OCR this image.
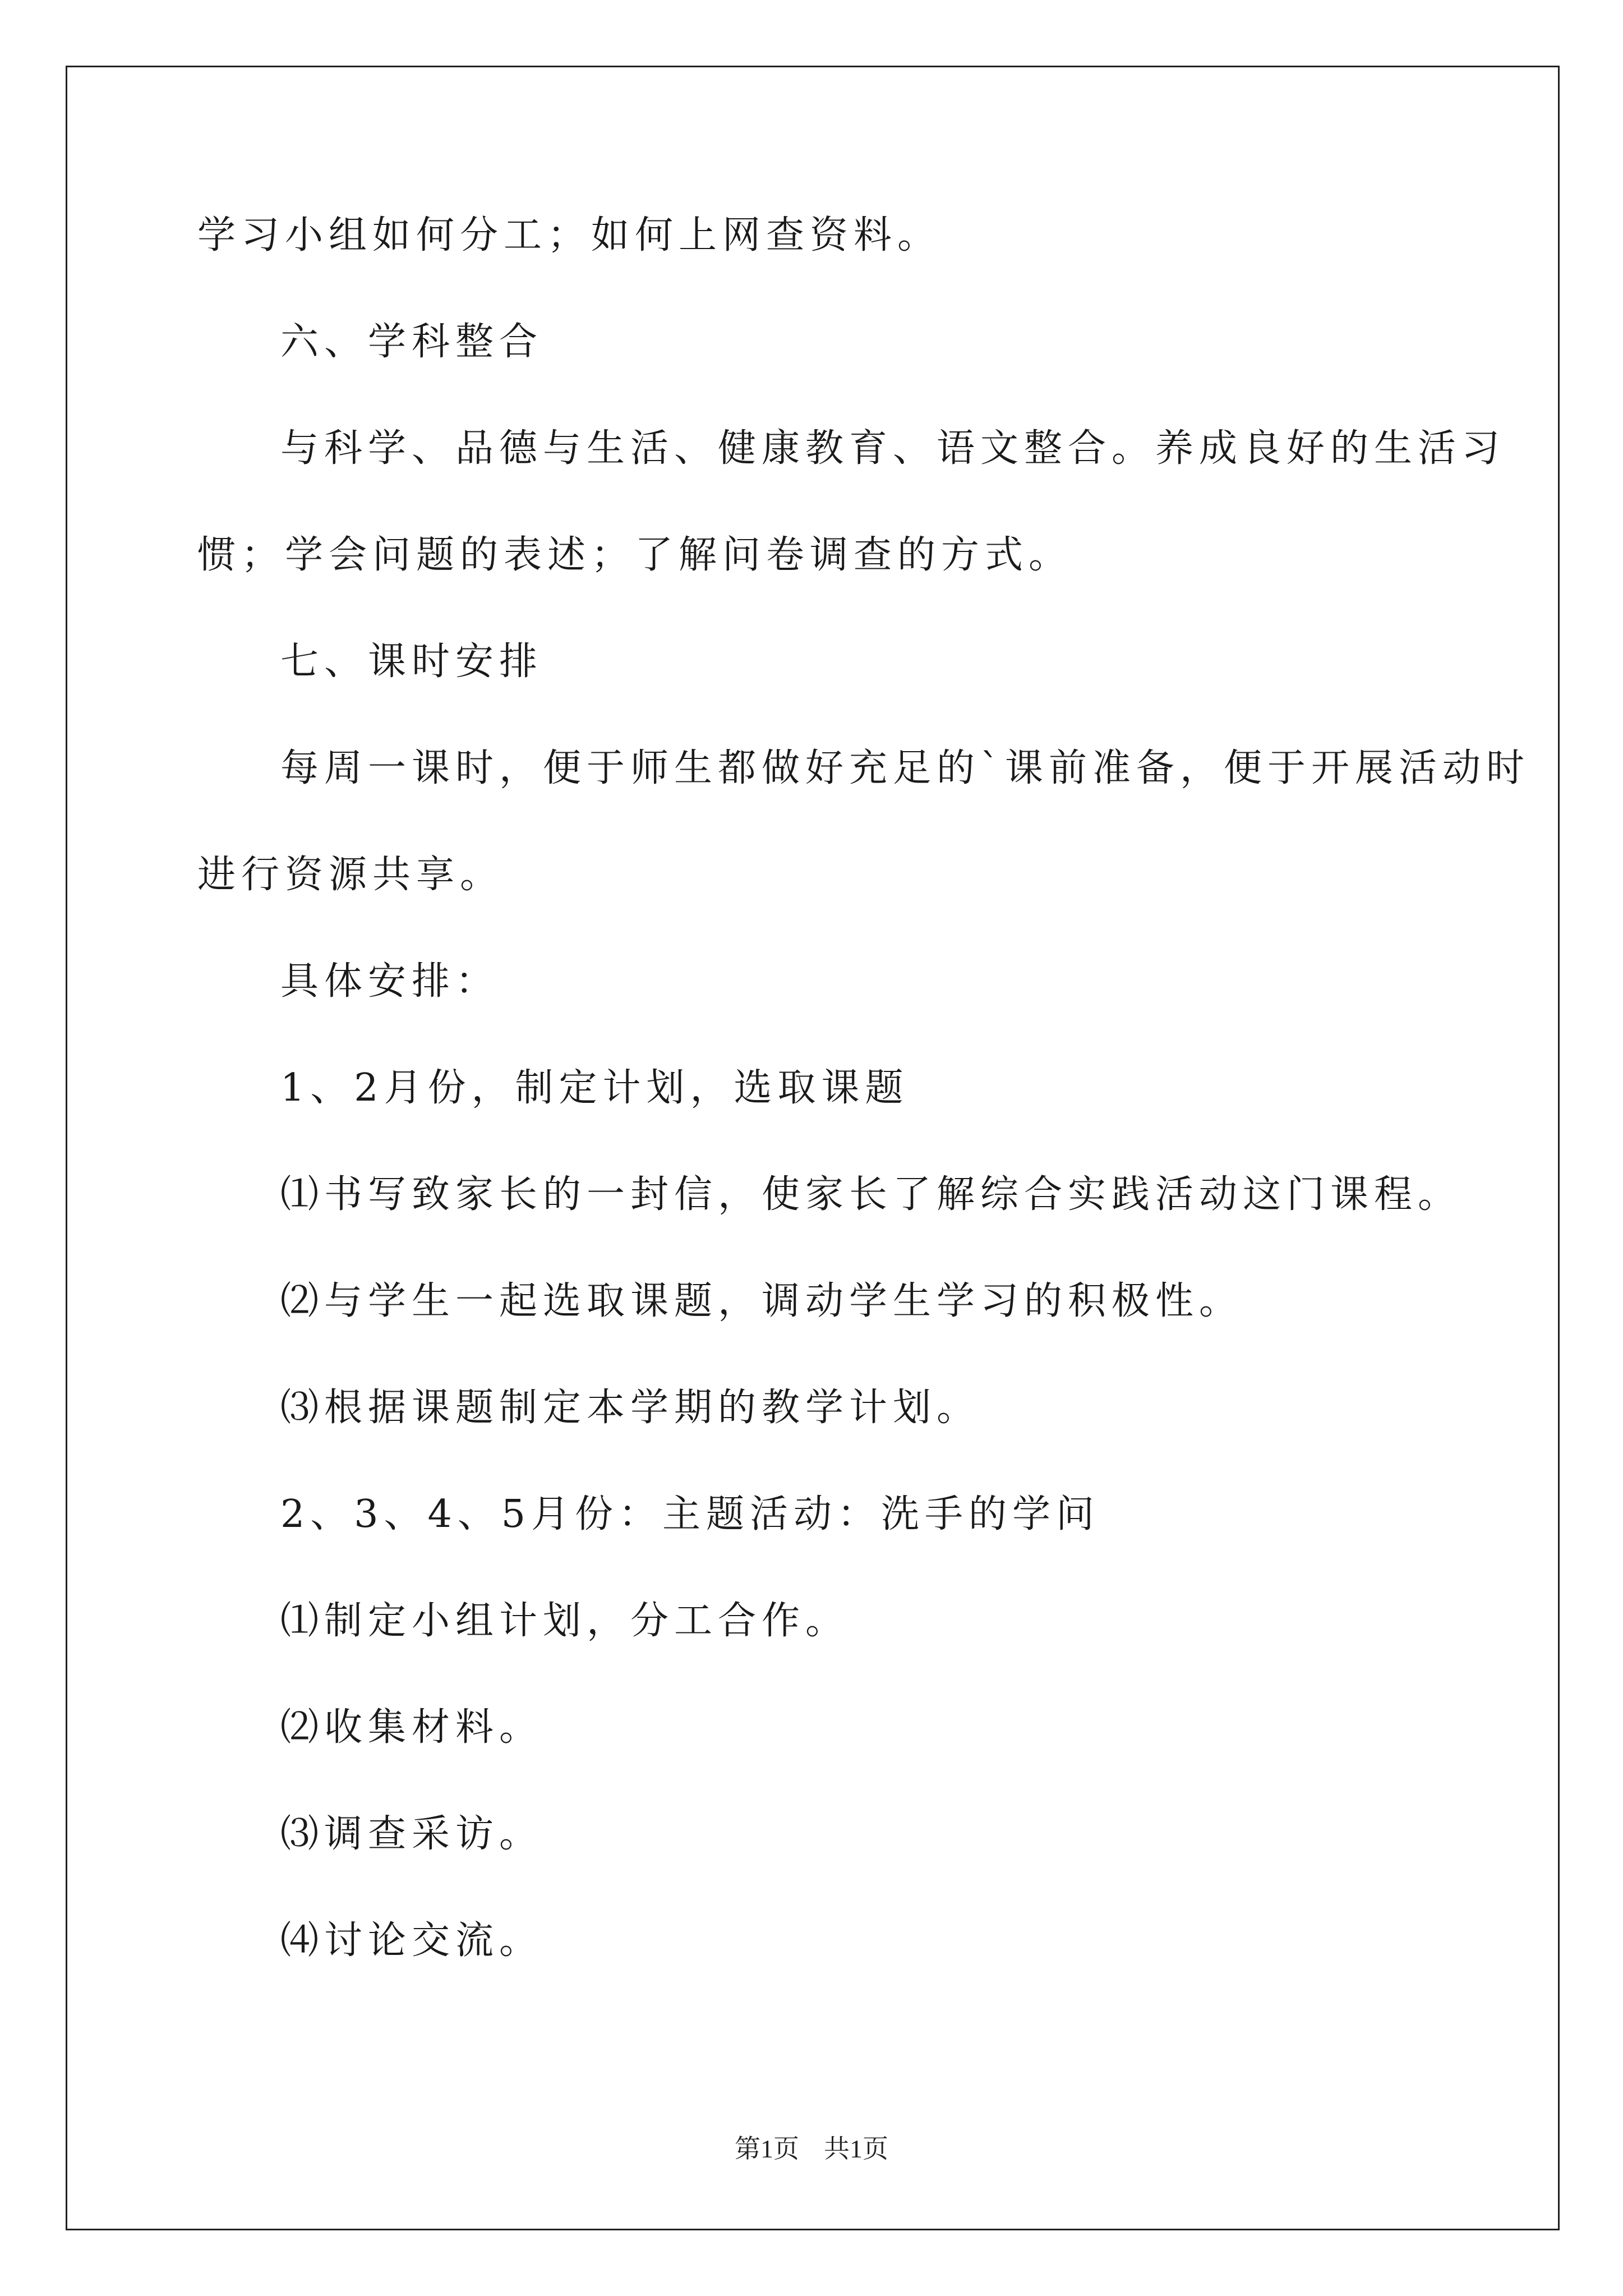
学习小组如何分工；如何上网查资料。

六、学科整合

与科学、品德与生活、健康教育、语文整合。养成良好的生活习

惯；学会问题的表述；了解问卷调查的方式。

七、课时安排

每周一课时，便于师生都做好充足的`课前准备，便于开展活动时

进行资源共享。

具体安排：

1、2月份，制定计划，选取课题

⑴书写致家长的一封信，使家长了解综合实践活动这门课程。

⑵与学生一起选取课题，调动学生学习的积极性。

⑶根据课题制定本学期的教学计划。

2、3、4、5月份：主题活动：洗手的学问

⑴制定小组计划，分工合作。

⑵收集材料。

⑶调查采访。

⑷讨论交流。

第1页 共1页
